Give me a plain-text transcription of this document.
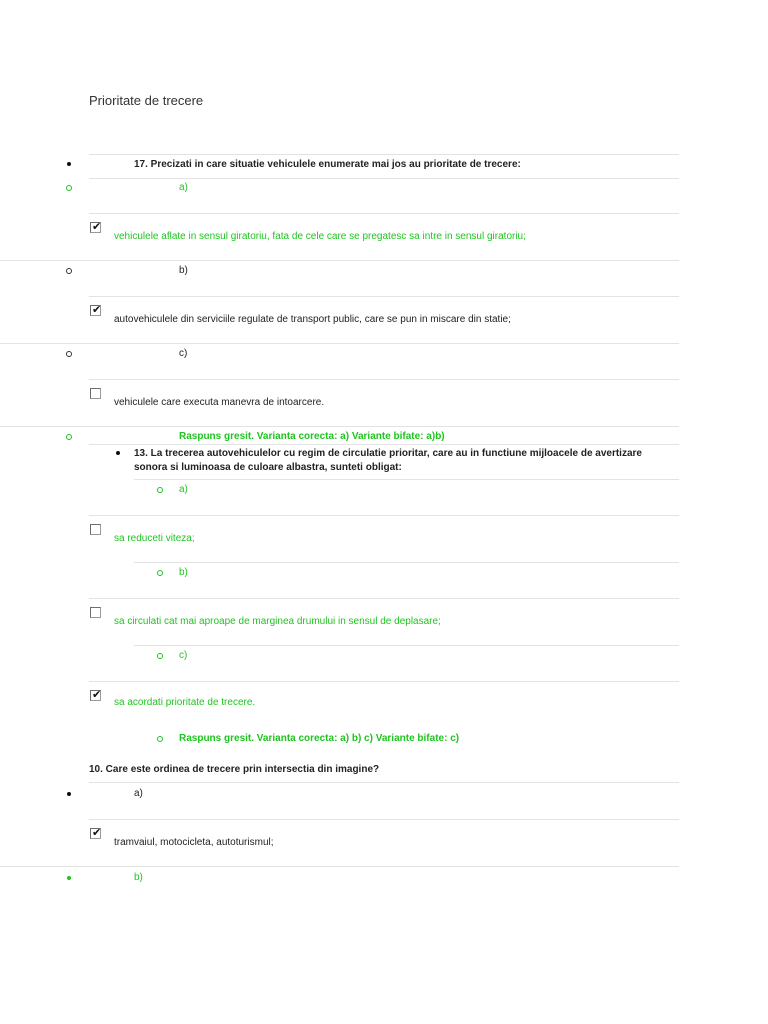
Prioritate de trecere
17. Precizati in care situatie vehiculele enumerate mai jos au prioritate de trecere:
a)
✔
vehiculele aflate in sensul giratoriu, fata de cele care se pregatesc sa intre in sensul giratoriu;
b)
✔
autovehiculele din serviciile regulate de transport public, care se pun in miscare din statie;
c)
vehiculele care executa manevra de intoarcere.
Raspuns gresit. Varianta corecta: a) Variante bifate: a)b)
13. La trecerea autovehiculelor cu regim de circulatie prioritar, care au in functiune mijloacele de avertizare
sonora si luminoasa de culoare albastra, sunteti obligat:
a)
sa reduceti viteza;
b)
sa circulati cat mai aproape de marginea drumului in sensul de deplasare;
c)
✔
sa acordati prioritate de trecere.
Raspuns gresit. Varianta corecta: a) b) c) Variante bifate: c)
10. Care este ordinea de trecere prin intersectia din imagine?
a)
✔
tramvaiul, motocicleta, autoturismul;
b)
